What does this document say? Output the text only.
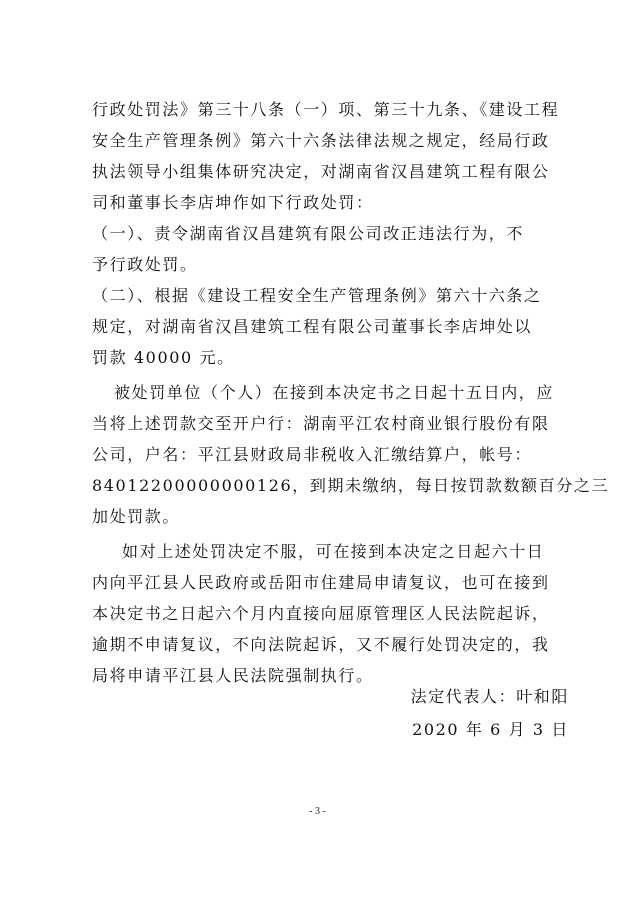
行政处罚法》第三十八条（一）项、第三十九条、《建设工程
安全生产管理条例》第六十六条法律法规之规定，经局行政
执法领导小组集体研究决定，对湖南省汉昌建筑工程有限公
司和董事长李店坤作如下行政处罚：
（一）、责令湖南省汉昌建筑有限公司改正违法行为，不
予行政处罚。
（二）、根据《建设工程安全生产管理条例》第六十六条之
规定，对湖南省汉昌建筑工程有限公司董事长李店坤处以
罚款 40000 元。
被处罚单位（个人）在接到本决定书之日起十五日内，应
当将上述罚款交至开户行：湖南平江农村商业银行股份有限
公司，户名：平江县财政局非税收入汇缴结算户，帐号：
84012200000000126，到期未缴纳，每日按罚款数额百分之三
加处罚款。
如对上述处罚决定不服，可在接到本决定之日起六十日
内向平江县人民政府或岳阳市住建局申请复议，也可在接到
本决定书之日起六个月内直接向屈原管理区人民法院起诉，
逾期不申请复议，不向法院起诉，又不履行处罚决定的，我
局将申请平江县人民法院强制执行。
法定代表人：叶和阳
2020 年 6 月 3 日
- 3 -
